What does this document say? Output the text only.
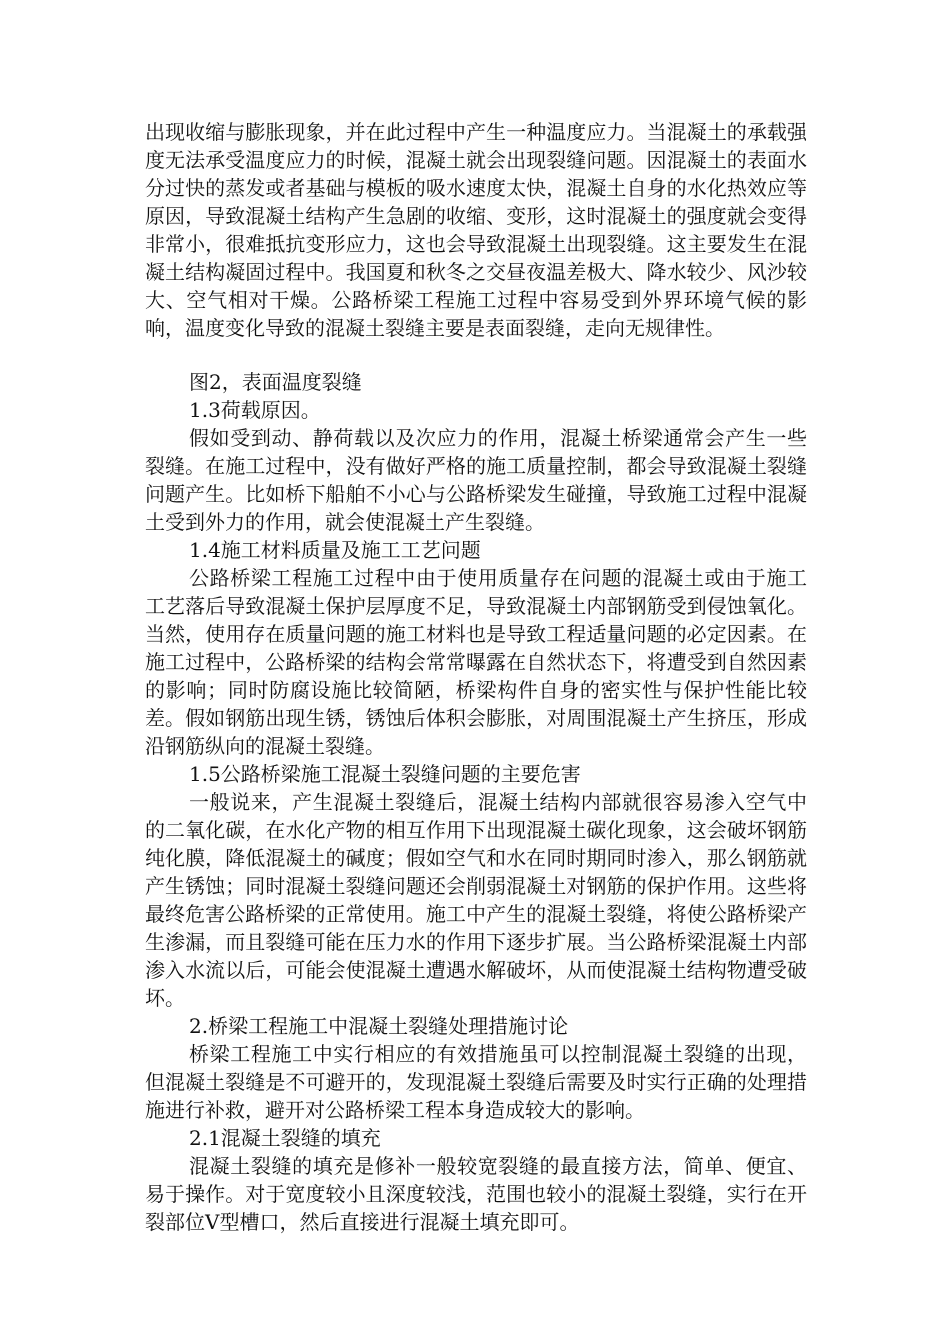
出现收缩与膨胀现象，并在此过程中产生一种温度应力。当混凝土的承载强度无法承受温度应力的时候，混凝土就会出现裂缝问题。因混凝土的表面水分过快的蒸发或者基础与模板的吸水速度太快，混凝土自身的水化热效应等原因，导致混凝土结构产生急剧的收缩、变形，这时混凝土的强度就会变得非常小，很难抵抗变形应力，这也会导致混凝土出现裂缝。这主要发生在混凝土结构凝固过程中。我国夏和秋冬之交昼夜温差极大、降水较少、风沙较大、空气相对干燥。公路桥梁工程施工过程中容易受到外界环境气候的影响，温度变化导致的混凝土裂缝主要是表面裂缝，走向无规律性。

图2，表面温度裂缝

1.3荷载原因。

假如受到动、静荷载以及次应力的作用，混凝土桥梁通常会产生一些裂缝。在施工过程中，没有做好严格的施工质量控制，都会导致混凝土裂缝问题产生。比如桥下船舶不小心与公路桥梁发生碰撞，导致施工过程中混凝土受到外力的作用，就会使混凝土产生裂缝。

1.4施工材料质量及施工工艺问题

公路桥梁工程施工过程中由于使用质量存在问题的混凝土或由于施工工艺落后导致混凝土保护层厚度不足，导致混凝土内部钢筋受到侵蚀氧化。当然，使用存在质量问题的施工材料也是导致工程适量问题的必定因素。在施工过程中，公路桥梁的结构会常常曝露在自然状态下，将遭受到自然因素的影响；同时防腐设施比较简陋，桥梁构件自身的密实性与保护性能比较差。假如钢筋出现生锈，锈蚀后体积会膨胀，对周围混凝土产生挤压，形成沿钢筋纵向的混凝土裂缝。

1.5公路桥梁施工混凝土裂缝问题的主要危害

一般说来，产生混凝土裂缝后，混凝土结构内部就很容易渗入空气中的二氧化碳，在水化产物的相互作用下出现混凝土碳化现象，这会破坏钢筋纯化膜，降低混凝土的碱度；假如空气和水在同时期同时渗入，那么钢筋就产生锈蚀；同时混凝土裂缝问题还会削弱混凝土对钢筋的保护作用。这些将最终危害公路桥梁的正常使用。施工中产生的混凝土裂缝，将使公路桥梁产生渗漏，而且裂缝可能在压力水的作用下逐步扩展。当公路桥梁混凝土内部渗入水流以后，可能会使混凝土遭遇水解破坏，从而使混凝土结构物遭受破坏。

2.桥梁工程施工中混凝土裂缝处理措施讨论

桥梁工程施工中实行相应的有效措施虽可以控制混凝土裂缝的出现，但混凝土裂缝是不可避开的，发现混凝土裂缝后需要及时实行正确的处理措施进行补救，避开对公路桥梁工程本身造成较大的影响。

2.1混凝土裂缝的填充

混凝土裂缝的填充是修补一般较宽裂缝的最直接方法，简单、便宜、易于操作。对于宽度较小且深度较浅，范围也较小的混凝土裂缝，实行在开裂部位V型槽口，然后直接进行混凝土填充即可。
